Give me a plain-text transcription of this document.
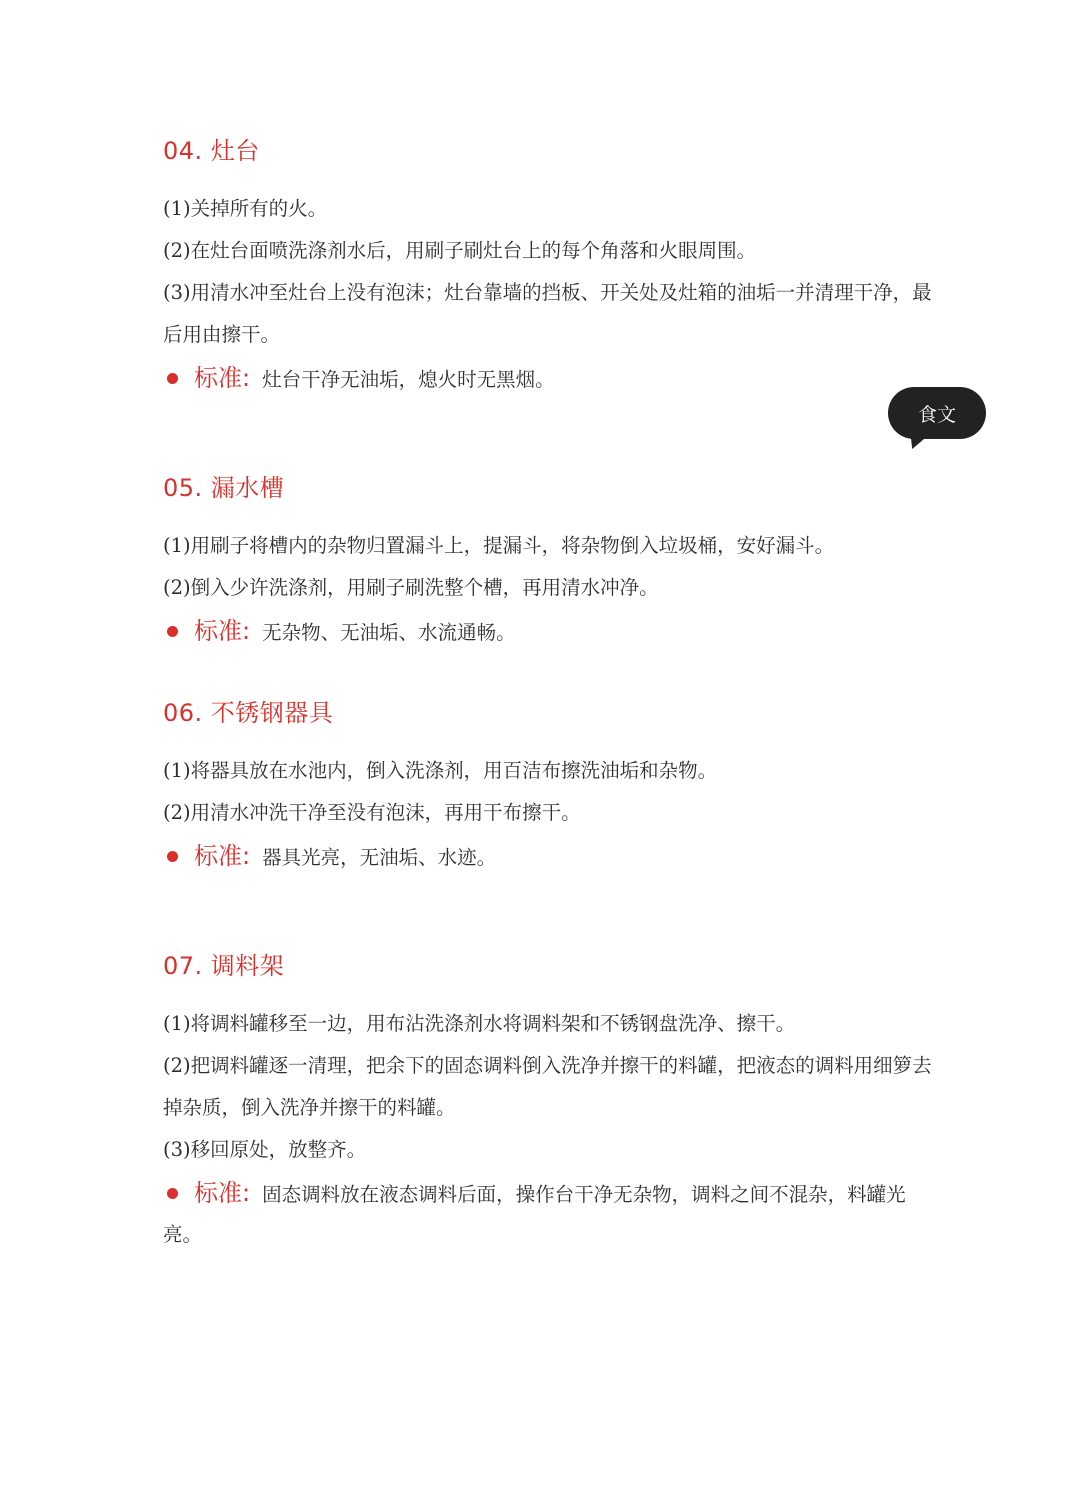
04. 灶台

(1)关掉所有的火。

(2)在灶台面喷洗涤剂水后，用刷子刷灶台上的每个角落和火眼周围。

(3)用清水冲至灶台上没有泡沫；灶台靠墙的挡板、开关处及灶箱的油垢一并清理干净，最后用由擦干。

标准: 灶台干净无油垢，熄火时无黑烟。
食文
05. 漏水槽

(1)用刷子将槽内的杂物归置漏斗上，提漏斗，将杂物倒入垃圾桶，安好漏斗。

(2)倒入少许洗涤剂，用刷子刷洗整个槽，再用清水冲净。

标准: 无杂物、无油垢、水流通畅。
06. 不锈钢器具

(1)将器具放在水池内，倒入洗涤剂，用百洁布擦洗油垢和杂物。

(2)用清水冲洗干净至没有泡沫，再用干布擦干。

标准: 器具光亮，无油垢、水迹。
07. 调料架

(1)将调料罐移至一边，用布沾洗涤剂水将调料架和不锈钢盘洗净、擦干。

(2)把调料罐逐一清理，把余下的固态调料倒入洗净并擦干的料罐，把液态的调料用细箩去掉杂质，倒入洗净并擦干的料罐。

(3)移回原处，放整齐。

标准: 固态调料放在液态调料后面，操作台干净无杂物，调料之间不混杂，料罐光亮。
